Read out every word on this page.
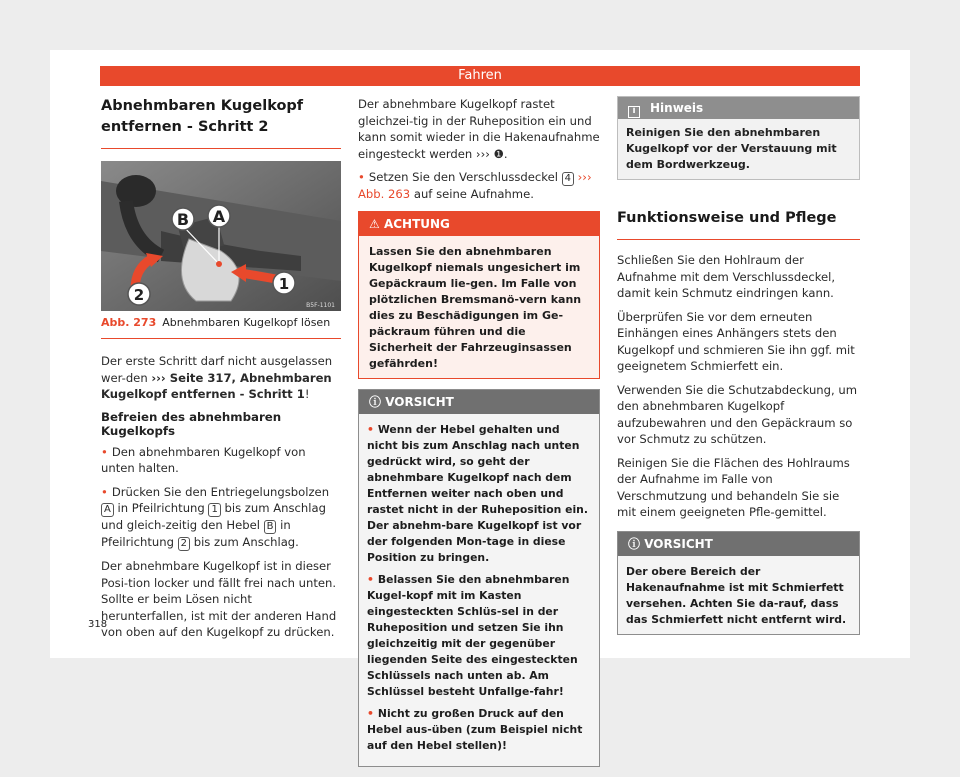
Fahren
Abnehmbaren Kugelkopf entfernen - Schritt 2
B A
1
2
B5F-1101
Abb. 273 Abnehmbaren Kugelkopf lösen

Der erste Schritt darf nicht ausgelassen wer-den ››› Seite 317, Abnehmbaren Kugelkopf entfernen - Schritt 1!

Befreien des abnehmbaren Kugelkopfs

• Den abnehmbaren Kugelkopf von unten halten.

• Drücken Sie den Entriegelungsbolzen A in Pfeilrichtung 1 bis zum Anschlag und gleich-zeitig den Hebel B in Pfeilrichtung 2 bis zum Anschlag.

Der abnehmbare Kugelkopf ist in dieser Posi-tion locker und fällt frei nach unten. Sollte er beim Lösen nicht herunterfallen, ist mit der anderen Hand von oben auf den Kugelkopf zu drücken.

Der abnehmbare Kugelkopf rastet gleichzei-tig in der Ruheposition ein und kann somit wieder in die Hakenaufnahme eingesteckt werden ››› ❶.

• Setzen Sie den Verschlussdeckel 4 ››› Abb. 263 auf seine Aufnahme.

⚠ ACHTUNG
Lassen Sie den abnehmbaren Kugelkopf niemals ungesichert im Gepäckraum lie-gen. Im Falle von plötzlichen Bremsmanö-vern kann dies zu Beschädigungen im Ge-päckraum führen und die Sicherheit der Fahrzeuginsassen gefährden!
ⓘ VORSICHT

• Wenn der Hebel gehalten und nicht bis zum Anschlag nach unten gedrückt wird, so geht der abnehmbare Kugelkopf nach dem Entfernen weiter nach oben und rastet nicht in der Ruheposition ein. Der abnehm-bare Kugelkopf ist vor der folgenden Mon-tage in diese Position zu bringen.

• Belassen Sie den abnehmbaren Kugel-kopf mit im Kasten eingesteckten Schlüs-sel in der Ruheposition und setzen Sie ihn gleichzeitig mit der gegenüber liegenden Seite des eingesteckten Schlüssels nach unten ab. Am Schlüssel besteht Unfallge-fahr!

• Nicht zu großen Druck auf den Hebel aus-üben (zum Beispiel nicht auf den Hebel stellen)!

i Hinweis
Reinigen Sie den abnehmbaren Kugelkopf vor der Verstauung mit dem Bordwerkzeug.
Funktionsweise und Pflege

Schließen Sie den Hohlraum der Aufnahme mit dem Verschlussdeckel, damit kein Schmutz eindringen kann.

Überprüfen Sie vor dem erneuten Einhängen eines Anhängers stets den Kugelkopf und schmieren Sie ihn ggf. mit geeignetem Schmierfett ein.

Verwenden Sie die Schutzabdeckung, um den abnehmbaren Kugelkopf aufzubewahren und den Gepäckraum so vor Schmutz zu schützen.

Reinigen Sie die Flächen des Hohlraums der Aufnahme im Falle von Verschmutzung und behandeln Sie sie mit einem geeigneten Pfle-gemittel.

ⓘ VORSICHT
Der obere Bereich der Hakenaufnahme ist mit Schmierfett versehen. Achten Sie da-rauf, dass das Schmierfett nicht entfernt wird.
318
